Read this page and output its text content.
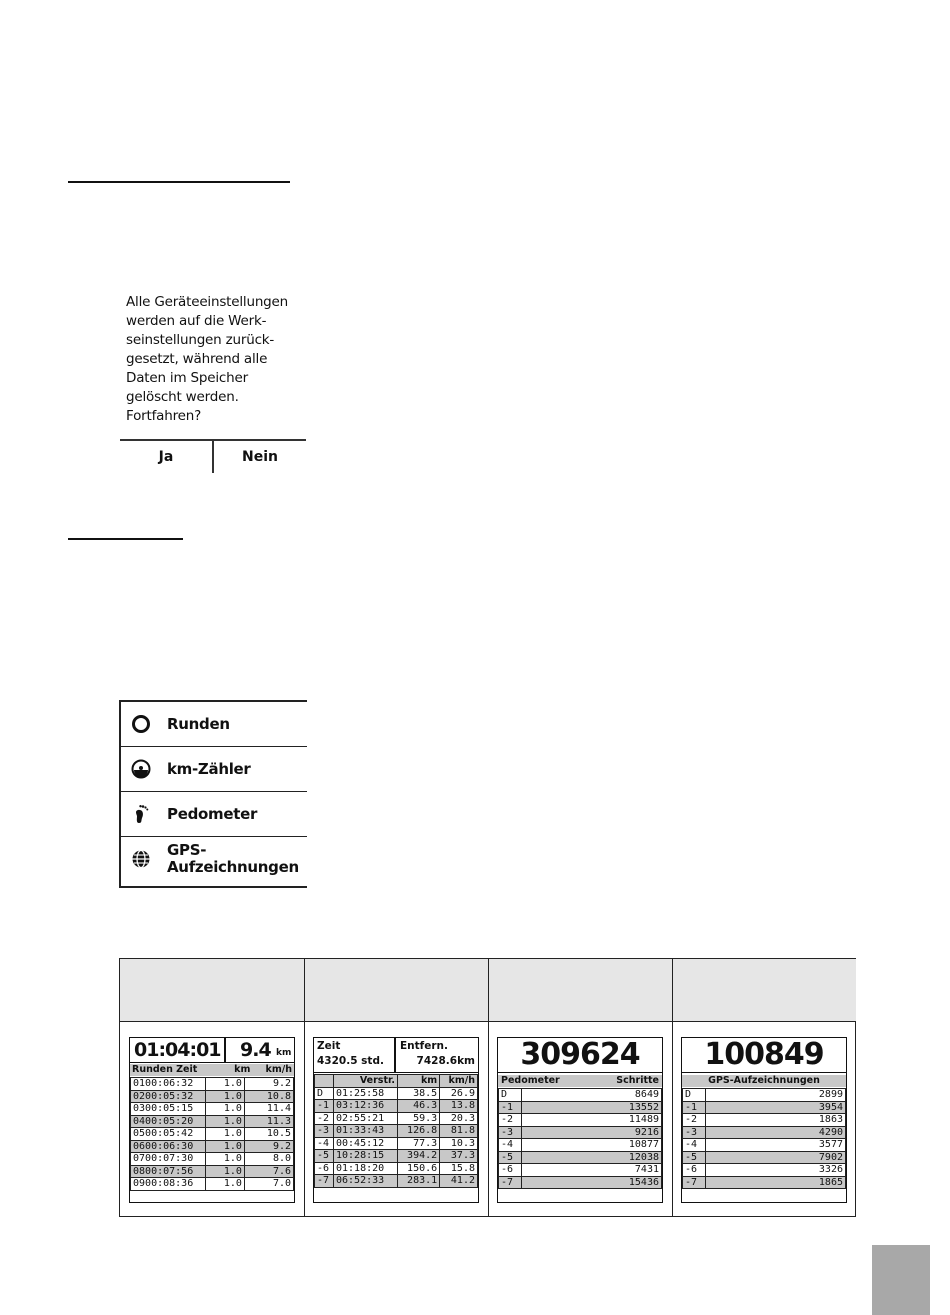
Alle Geräteeinstellungen
werden auf die Werk-
seinstellungen zurück-
gesetzt, während alle
Daten im Speicher
gelöscht werden.
Fortfahren?

Ja	Nein
Runden
km-Zähler
Pedometer
GPS-
Aufzeichnungen
01:04:01 9.4 km
Runden Zeit	km	km/h
0100:06:32	1.0	9.2
0200:05:32	1.0	10.8
0300:05:15	1.0	11.4
0400:05:20	1.0	11.3
0500:05:42	1.0	10.5
0600:06:30	1.0	9.2
0700:07:30	1.0	8.0
0800:07:56	1.0	7.6
0900:08:36	1.0	7.0
Zeit
4320.5 std.
Entfern.
7428.6km
	Verstr.	km	km/h
D	01:25:58	38.5	26.9
-1	03:12:36	46.3	13.8
-2	02:55:21	59.3	20.3
-3	01:33:43	126.8	81.8
-4	00:45:12	77.3	10.3
-5	10:28:15	394.2	37.3
-6	01:18:20	150.6	15.8
-7	06:52:33	283.1	41.2
309624
Pedometer	Schritte
D	8649
-1	13552
-2	11489
-3	9216
-4	10877
-5	12038
-6	7431
-7	15436
100849
GPS-Aufzeichnungen
D	2899
-1	3954
-2	1863
-3	4290
-4	3577
-5	7902
-6	3326
-7	1865
